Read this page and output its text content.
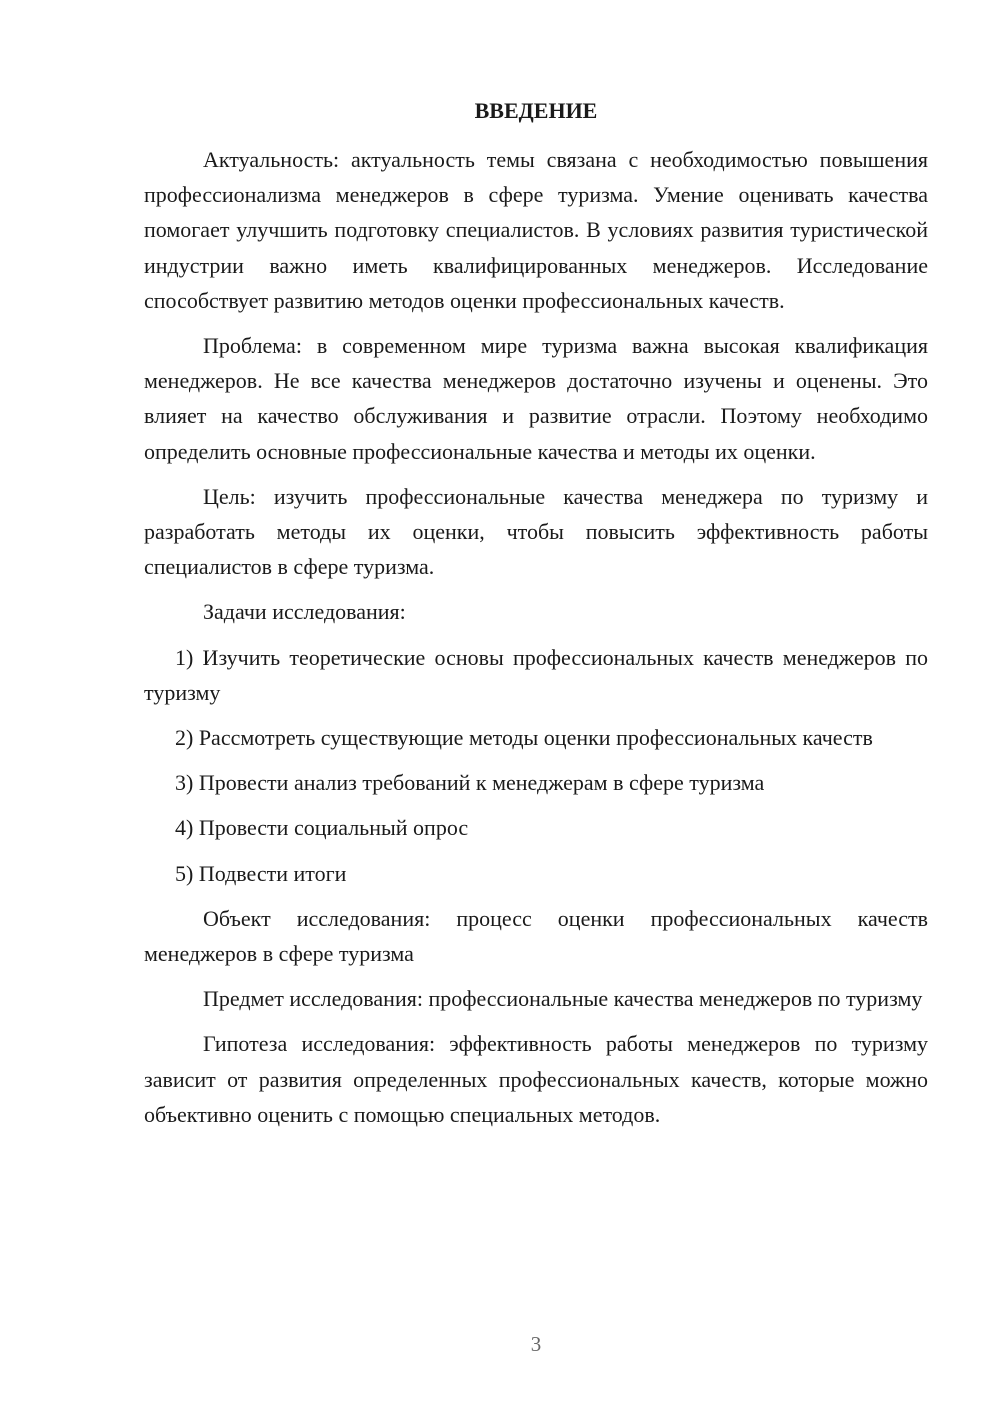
ВВЕДЕНИЕ

Актуальность: актуальность темы связана с необходимостью повышения профессионализма менеджеров в сфере туризма. Умение оценивать качества помогает улучшить подготовку специалистов. В условиях развития туристической индустрии важно иметь квалифицированных менеджеров. Исследование способствует развитию методов оценки профессиональных качеств.

Проблема: в современном мире туризма важна высокая квалификация менеджеров. Не все качества менеджеров достаточно изучены и оценены. Это влияет на качество обслуживания и развитие отрасли. Поэтому необходимо определить основные профессиональные качества и методы их оценки.

Цель: изучить профессиональные качества менеджера по туризму и разработать методы их оценки, чтобы повысить эффективность работы специалистов в сфере туризма.

Задачи исследования:

1) Изучить теоретические основы профессиональных качеств менеджеров по туризму

2) Рассмотреть существующие методы оценки профессиональных качеств

3) Провести анализ требований к менеджерам в сфере туризма

4) Провести социальный опрос

5) Подвести итоги

Объект исследования: процесс оценки профессиональных качеств менеджеров в сфере туризма

Предмет исследования: профессиональные качества менеджеров по туризму

Гипотеза исследования: эффективность работы менеджеров по туризму зависит от развития определенных профессиональных качеств, которые можно объективно оценить с помощью специальных методов.

3
